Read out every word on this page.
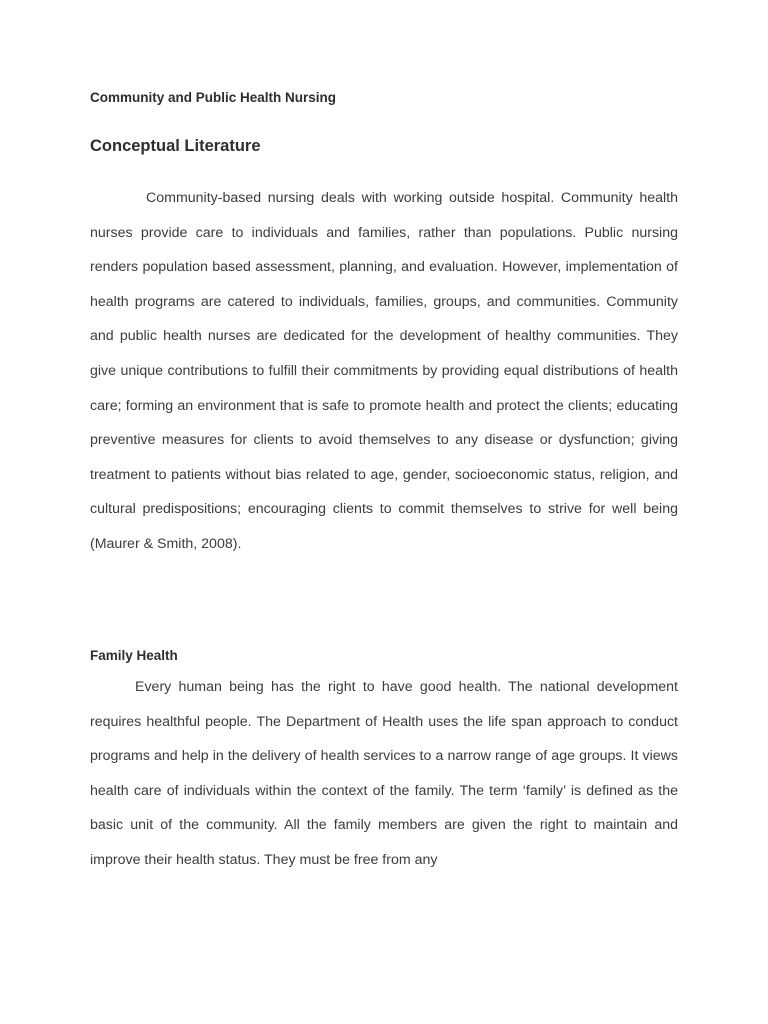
Community and Public Health Nursing
Conceptual Literature

Community-based nursing deals with working outside hospital. Community health nurses provide care to individuals and families, rather than populations. Public nursing renders population based assessment, planning, and evaluation. However, implementation of health programs are catered to individuals, families, groups, and communities. Community and public health nurses are dedicated for the development of healthy communities. They give unique contributions to fulfill their commitments by providing equal distributions of health care; forming an environment that is safe to promote health and protect the clients; educating preventive measures for clients to avoid themselves to any disease or dysfunction; giving treatment to patients without bias related to age, gender, socioeconomic status, religion, and cultural predispositions; encouraging clients to commit themselves to strive for well being (Maurer & Smith, 2008).

Family Health

Every human being has the right to have good health. The national development requires healthful people. The Department of Health uses the life span approach to conduct programs and help in the delivery of health services to a narrow range of age groups. It views health care of individuals within the context of the family. The term ‘family’ is defined as the basic unit of the community. All the family members are given the right to maintain and improve their health status. They must be free from any
